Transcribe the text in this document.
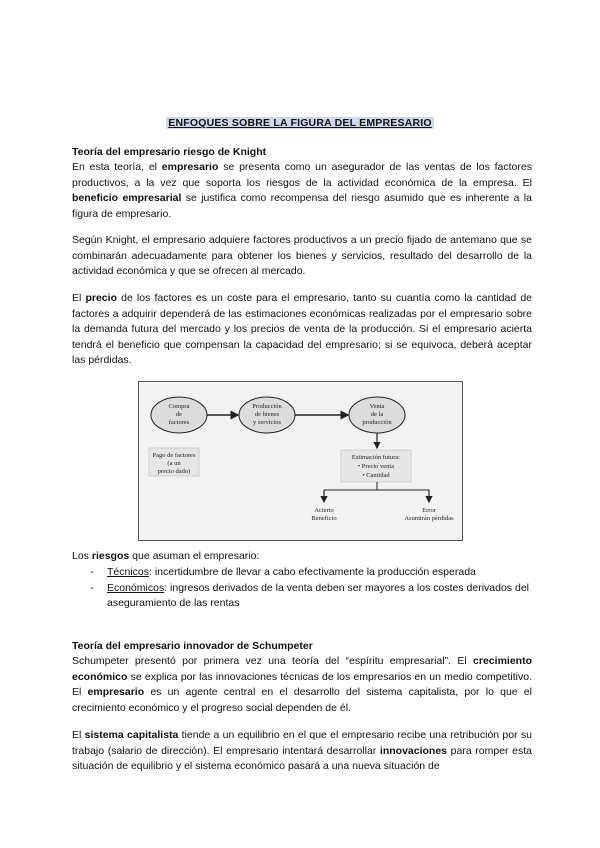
ENFOQUES SOBRE LA FIGURA DEL EMPRESARIO

Teoría del empresario riesgo de Knight

En esta teoría, el empresario se presenta como un asegurador de las ventas de los factores productivos, a la vez que soporta los riesgos de la actividad económica de la empresa. El beneficio empresarial se justifica como recompensa del riesgo asumido que es inherente a la figura de empresario.

Según Knight, el empresario adquiere factores productivos a un precio fijado de antemano que se combinarán adecuadamente para obtener los bienes y servicios, resultado del desarrollo de la actividad económica y que se ofrecen al mercado.

El precio de los factores es un coste para el empresario, tanto su cuantía como la cantidad de factores a adquirir dependerá de las estimaciones económicas realizadas por el empresario sobre la demanda futura del mercado y los precios de venta de la producción. Si el empresario acierta tendrá el beneficio que compensan la capacidad del empresario; si se equivoca, deberá aceptar las pérdidas.

Compra
de
factores
Producción
de bienes
y servicios
Venta
de la
producción
Pago de factores
(a un
precio dado)
Estimación futura:
• Precio venta
• Cantidad
Acierto
Beneficio
Error
Asumirán pérdidas

Los riesgos que asuman el empresario:

- Técnicos: incertidumbre de llevar a cabo efectivamente la producción esperada
- Económicos: ingresos derivados de la venta deben ser mayores a los costes derivados del aseguramiento de las rentas

Teoría del empresario innovador de Schumpeter

Schumpeter presentó por primera vez una teoría del “espíritu empresarial”. El crecimiento económico se explica por las innovaciones técnicas de los empresarios en un medio competitivo. El empresario es un agente central en el desarrollo del sistema capitalista, por lo que el crecimiento económico y el progreso social dependen de él.

El sistema capitalista tiende a un equilibrio en el que el empresario recibe una retribución por su trabajo (salario de dirección). El empresario intentará desarrollar innovaciones para romper esta situación de equilibrio y el sistema económico pasará a una nueva situación de
